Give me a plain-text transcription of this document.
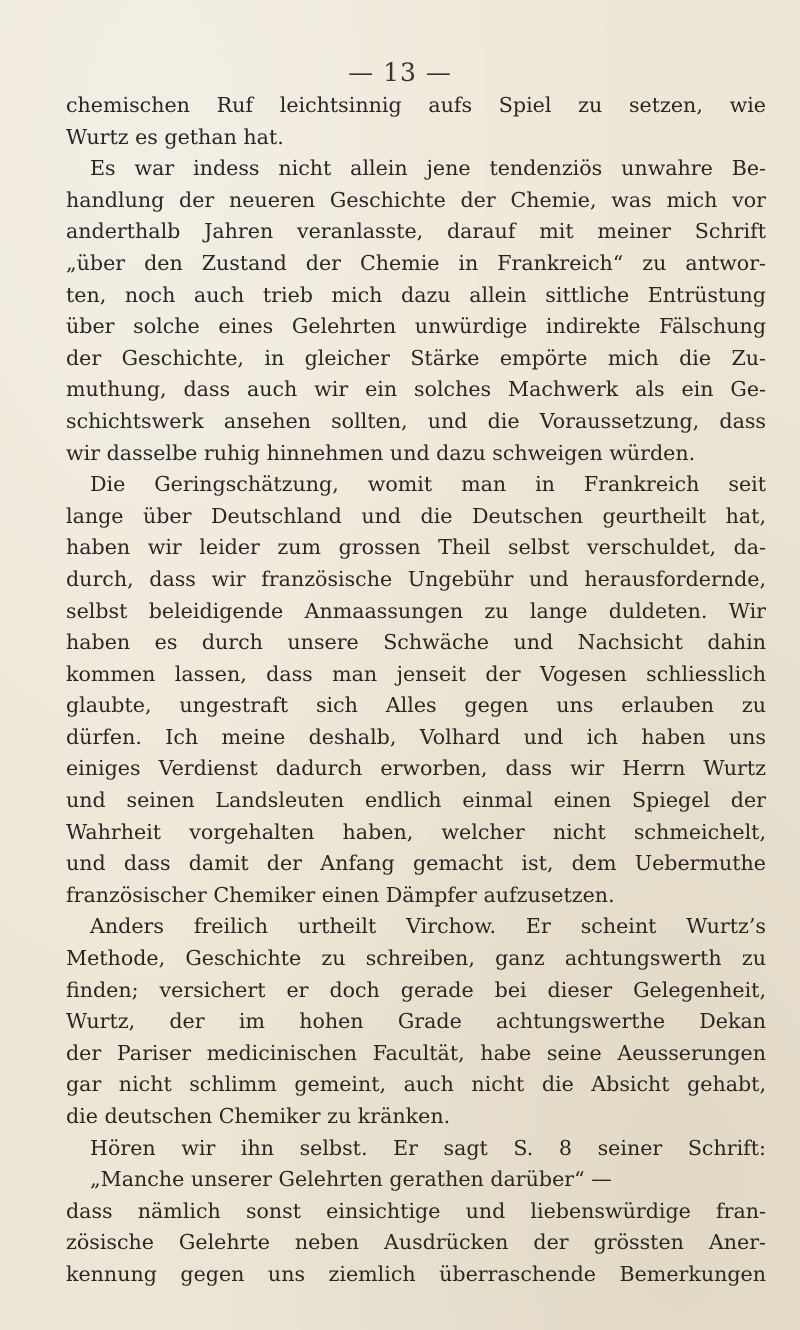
— 13 —
chemischen Ruf leichtsinnig aufs Spiel zu setzen, wie
Wurtz es gethan hat.
Es war indess nicht allein jene tendenziös unwahre Be-
handlung der neueren Geschichte der Chemie, was mich vor
anderthalb Jahren veranlasste, darauf mit meiner Schrift
„über den Zustand der Chemie in Frankreich“ zu antwor-
ten, noch auch trieb mich dazu allein sittliche Entrüstung
über solche eines Gelehrten unwürdige indirekte Fälschung
der Geschichte, in gleicher Stärke empörte mich die Zu-
muthung, dass auch wir ein solches Machwerk als ein Ge-
schichtswerk ansehen sollten, und die Voraussetzung, dass
wir dasselbe ruhig hinnehmen und dazu schweigen würden.
Die Geringschätzung, womit man in Frankreich seit
lange über Deutschland und die Deutschen geurtheilt hat,
haben wir leider zum grossen Theil selbst verschuldet, da-
durch, dass wir französische Ungebühr und herausfordernde,
selbst beleidigende Anmaassungen zu lange duldeten. Wir
haben es durch unsere Schwäche und Nachsicht dahin
kommen lassen, dass man jenseit der Vogesen schliesslich
glaubte, ungestraft sich Alles gegen uns erlauben zu
dürfen. Ich meine deshalb, Volhard und ich haben uns
einiges Verdienst dadurch erworben, dass wir Herrn Wurtz
und seinen Landsleuten endlich einmal einen Spiegel der
Wahrheit vorgehalten haben, welcher nicht schmeichelt,
und dass damit der Anfang gemacht ist, dem Uebermuthe
französischer Chemiker einen Dämpfer aufzusetzen.
Anders freilich urtheilt Virchow. Er scheint Wurtz’s
Methode, Geschichte zu schreiben, ganz achtungswerth zu
finden; versichert er doch gerade bei dieser Gelegenheit,
Wurtz, der im hohen Grade achtungswerthe Dekan
der Pariser medicinischen Facultät, habe seine Aeusserungen
gar nicht schlimm gemeint, auch nicht die Absicht gehabt,
die deutschen Chemiker zu kränken.
Hören wir ihn selbst. Er sagt S. 8 seiner Schrift:
„Manche unserer Gelehrten gerathen darüber“ —
dass nämlich sonst einsichtige und liebenswürdige fran-
zösische Gelehrte neben Ausdrücken der grössten Aner-
kennung gegen uns ziemlich überraschende Bemerkungen
